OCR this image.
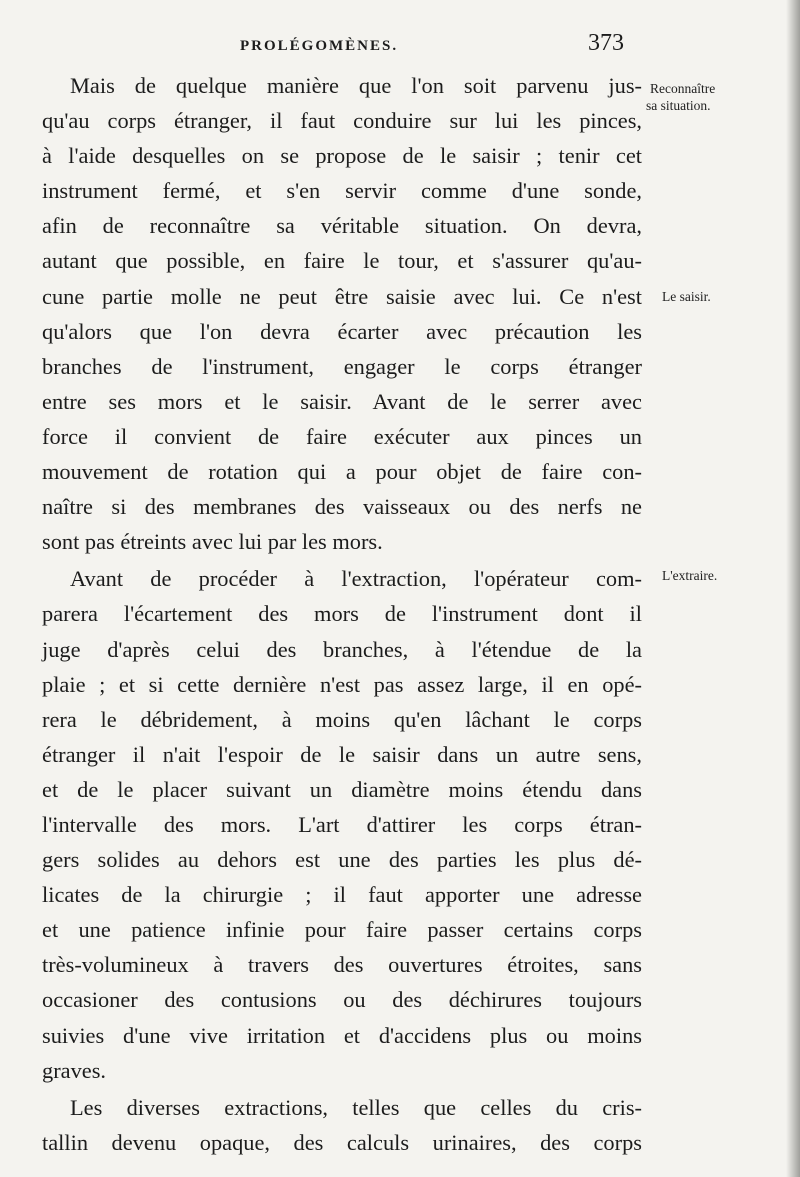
PROLÉGOMÈNES.	373
Reconnaître
sa situation.
Le saisir.
L'extraire.
Mais de quelque manière que l'on soit parvenu jus-
qu'au corps étranger, il faut conduire sur lui les pinces,
à l'aide desquelles on se propose de le saisir ; tenir cet
instrument fermé, et s'en servir comme d'une sonde,
afin de reconnaître sa véritable situation. On devra,
autant que possible, en faire le tour, et s'assurer qu'au-
cune partie molle ne peut être saisie avec lui. Ce n'est
qu'alors que l'on devra écarter avec précaution les
branches de l'instrument, engager le corps étranger
entre ses mors et le saisir. Avant de le serrer avec
force il convient de faire exécuter aux pinces un
mouvement de rotation qui a pour objet de faire con-
naître si des membranes des vaisseaux ou des nerfs ne
sont pas étreints avec lui par les mors.
Avant de procéder à l'extraction, l'opérateur com-
parera l'écartement des mors de l'instrument dont il
juge d'après celui des branches, à l'étendue de la
plaie ; et si cette dernière n'est pas assez large, il en opé-
rera le débridement, à moins qu'en lâchant le corps
étranger il n'ait l'espoir de le saisir dans un autre sens,
et de le placer suivant un diamètre moins étendu dans
l'intervalle des mors. L'art d'attirer les corps étran-
gers solides au dehors est une des parties les plus dé-
licates de la chirurgie ; il faut apporter une adresse
et une patience infinie pour faire passer certains corps
très-volumineux à travers des ouvertures étroites, sans
occasioner des contusions ou des déchirures toujours
suivies d'une vive irritation et d'accidens plus ou moins
graves.
Les diverses extractions, telles que celles du cris-
tallin devenu opaque, des calculs urinaires, des corps
